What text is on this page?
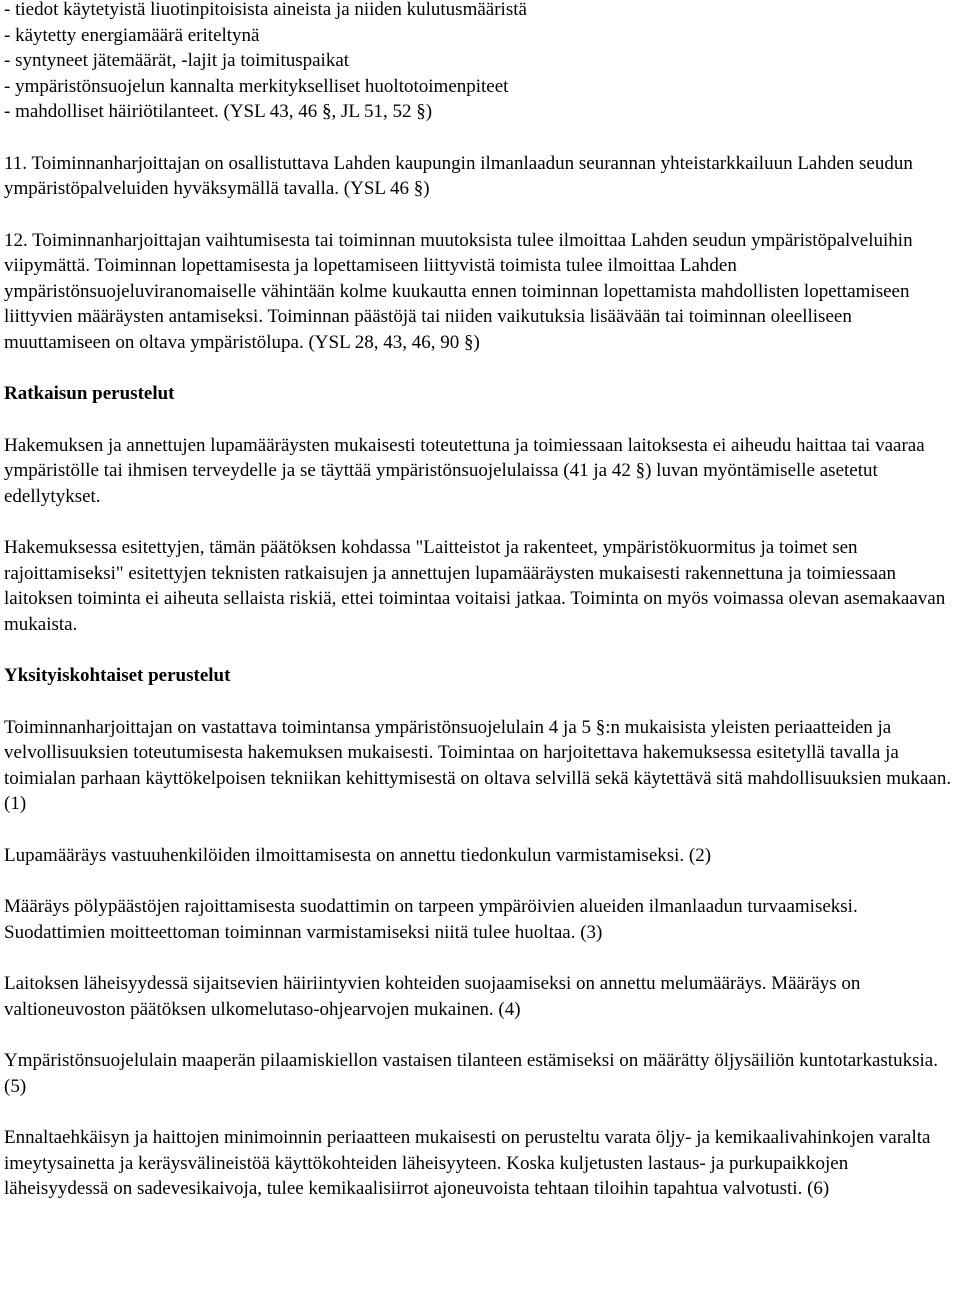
- tiedot käytetyistä liuotinpitoisista aineista ja niiden kulutusmääristä
- käytetty energiamäärä eriteltynä
- syntyneet jätemäärät, -lajit ja toimituspaikat
- ympäristönsuojelun kannalta merkitykselliset huoltotoimenpiteet
- mahdolliset häiriötilanteet. (YSL 43, 46 §, JL 51, 52 §)

11. Toiminnanharjoittajan on osallistuttava Lahden kaupungin ilmanlaadun seurannan yhteistarkkailuun Lahden seudun ympäristöpalveluiden hyväksymällä tavalla. (YSL 46 §)

12. Toiminnanharjoittajan vaihtumisesta tai toiminnan muutoksista tulee ilmoittaa Lahden seudun ympäristöpalveluihin viipymättä. Toiminnan lopettamisesta ja lopettamiseen liittyvistä toimista tulee ilmoittaa Lahden ympäristönsuojeluviranomaiselle vähintään kolme kuukautta ennen toiminnan lopettamista mahdollisten lopettamiseen liittyvien määräysten antamiseksi. Toiminnan päästöjä tai niiden vaikutuksia lisäävään tai toiminnan oleelliseen muuttamiseen on oltava ympäristölupa. (YSL 28, 43, 46, 90 §)

Ratkaisun perustelut

Hakemuksen ja annettujen lupamääräysten mukaisesti toteutettuna ja toimiessaan laitoksesta ei aiheudu haittaa tai vaaraa ympäristölle tai ihmisen terveydelle ja se täyttää ympäristönsuojelulaissa (41 ja 42 §) luvan myöntämiselle asetetut edellytykset.

Hakemuksessa esitettyjen, tämän päätöksen kohdassa "Laitteistot ja rakenteet, ympäristökuormitus ja toimet sen rajoittamiseksi" esitettyjen teknisten ratkaisujen ja annettujen lupamääräysten mukaisesti rakennettuna ja toimiessaan laitoksen toiminta ei aiheuta sellaista riskiä, ettei toimintaa voitaisi jatkaa. Toiminta on myös voimassa olevan asemakaavan mukaista.

Yksityiskohtaiset perustelut

Toiminnanharjoittajan on vastattava toimintansa ympäristönsuojelulain 4 ja 5 §:n mukaisista yleisten periaatteiden ja velvollisuuksien toteutumisesta hakemuksen mukaisesti. Toimintaa on harjoitettava hakemuksessa esitetyllä tavalla ja toimialan parhaan käyttökelpoisen tekniikan kehittymisestä on oltava selvillä sekä käytettävä sitä mahdollisuuksien mukaan. (1)

Lupamääräys vastuuhenkilöiden ilmoittamisesta on annettu tiedonkulun varmistamiseksi. (2)

Määräys pölypäästöjen rajoittamisesta suodattimin on tarpeen ympäröivien alueiden ilmanlaadun turvaamiseksi. Suodattimien moitteettoman toiminnan varmistamiseksi niitä tulee huoltaa. (3)

Laitoksen läheisyydessä sijaitsevien häiriintyvien kohteiden suojaamiseksi on annettu melumääräys. Määräys on valtioneuvoston päätöksen ulkomelutaso-ohjearvojen mukainen. (4)

Ympäristönsuojelulain maaperän pilaamiskiellon vastaisen tilanteen estämiseksi on määrätty öljysäiliön kuntotarkastuksia. (5)

Ennaltaehkäisyn ja haittojen minimoinnin periaatteen mukaisesti on perusteltu varata öljy- ja kemikaalivahinkojen varalta imeytysainetta ja keräysvälineistöä käyttökohteiden läheisyyteen. Koska kuljetusten lastaus- ja purkupaikkojen läheisyydessä on sadevesikaivoja, tulee kemikaalisiirrot ajoneuvoista tehtaan tiloihin tapahtua valvotusti. (6)
